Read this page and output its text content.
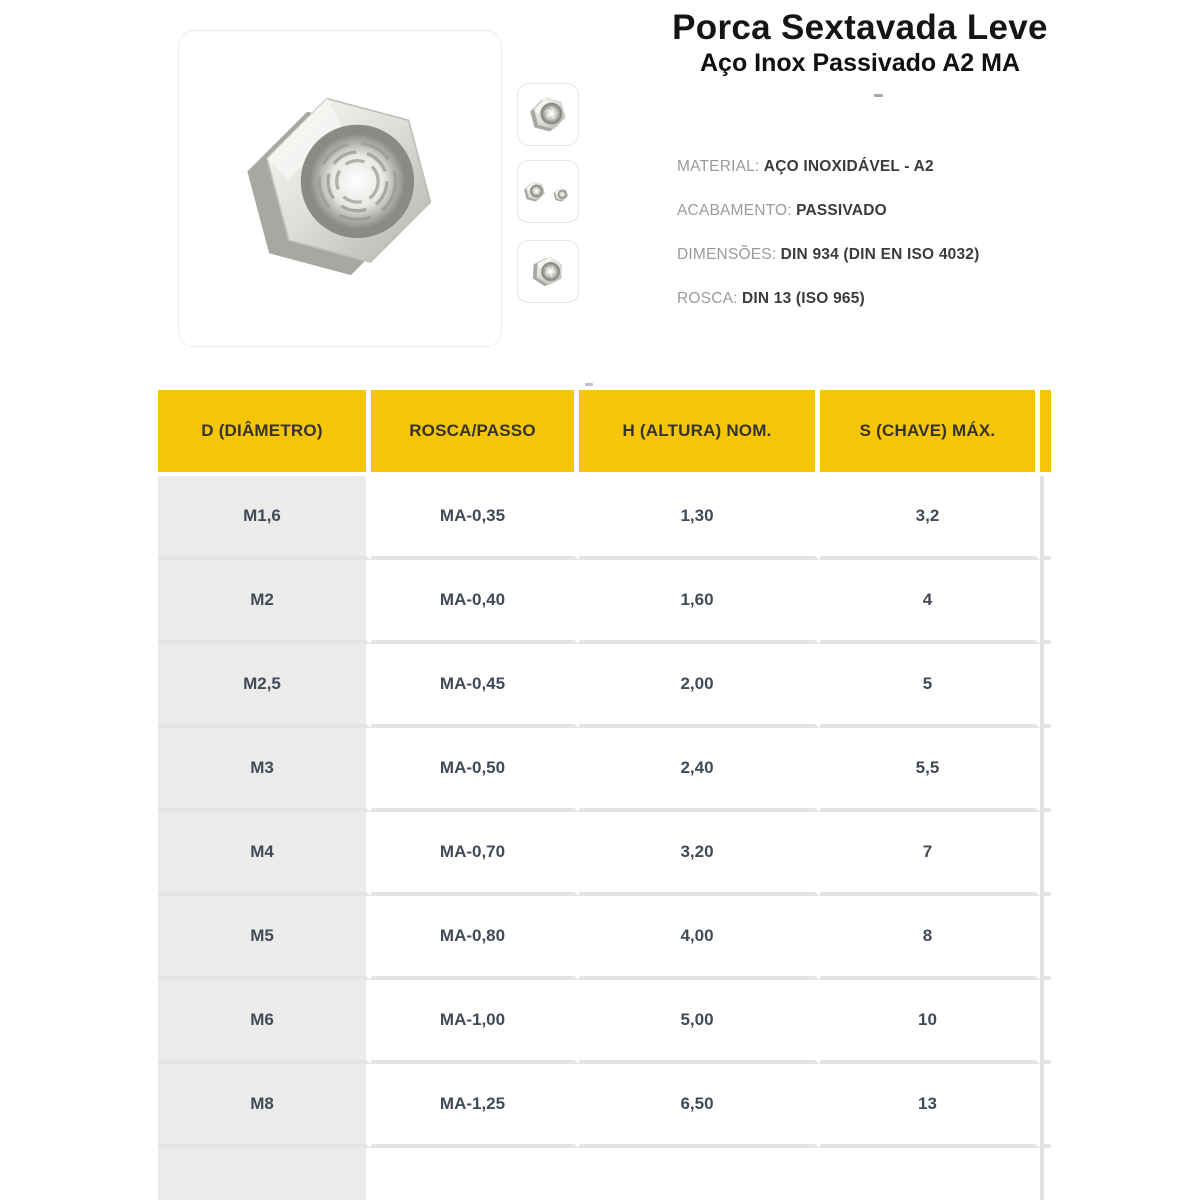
Porca Sextavada Leve
Aço Inox Passivado A2 MA
MATERIAL: AÇO INOXIDÁVEL - A2
ACABAMENTO: PASSIVADO
DIMENSÕES: DIN 934 (DIN EN ISO 4032)
ROSCA: DIN 13 (ISO 965)
D (DIÂMETRO)	ROSCA/PASSO	H (ALTURA) NOM.	S (CHAVE) MÁX.	
M1,6	MA-0,35	1,30	3,2	
M2	MA-0,40	1,60	4	
M2,5	MA-0,45	2,00	5	
M3	MA-0,50	2,40	5,5	
M4	MA-0,70	3,20	7	
M5	MA-0,80	4,00	8	
M6	MA-1,00	5,00	10	
M8	MA-1,25	6,50	13	
